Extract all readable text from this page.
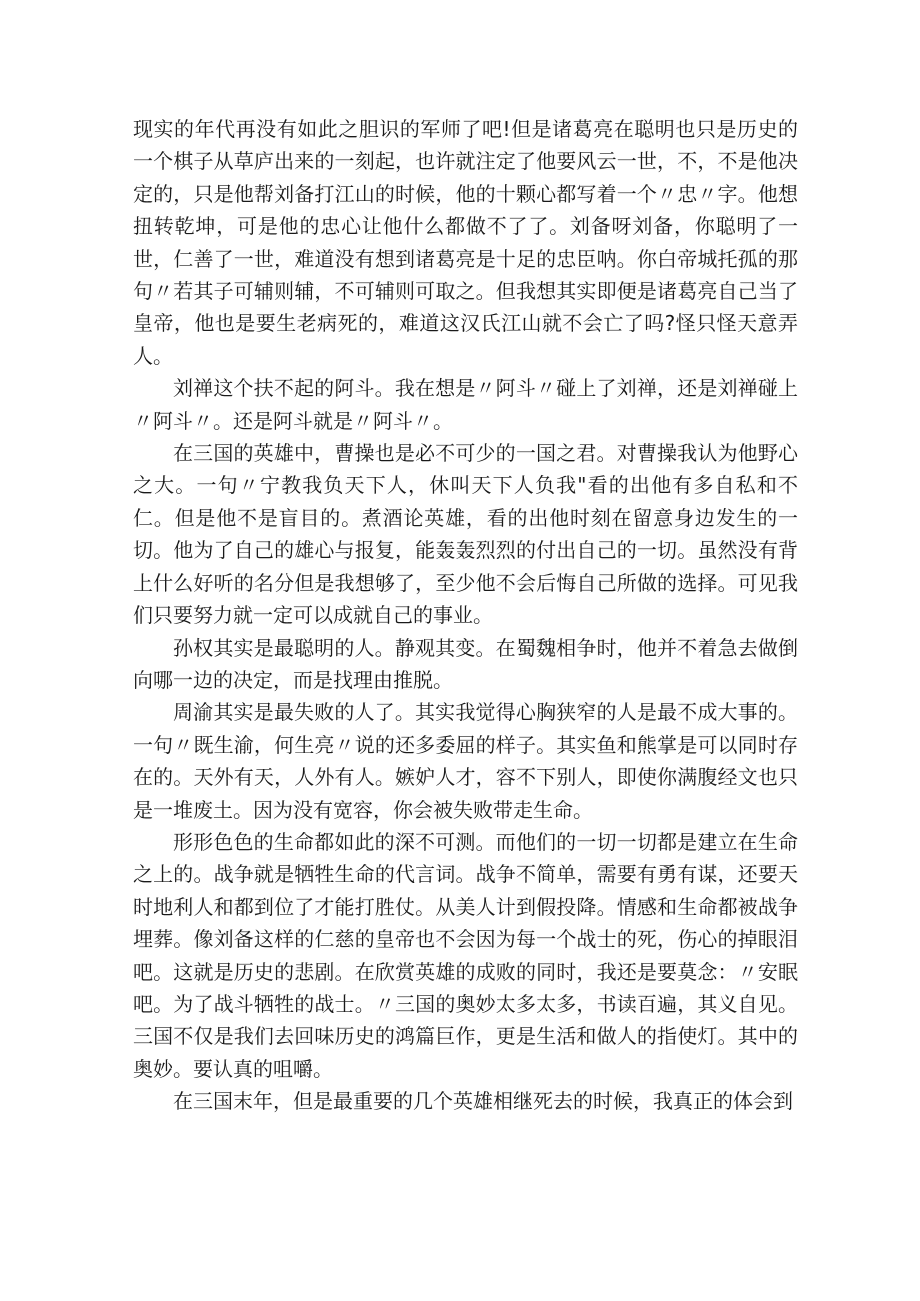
现实的年代再没有如此之胆识的军师了吧!但是诸葛亮在聪明也只是历史的一个棋子从草庐出来的一刻起，也许就注定了他要风云一世，不，不是他决定的，只是他帮刘备打江山的时候，他的十颗心都写着一个〃忠〃字。他想扭转乾坤，可是他的忠心让他什么都做不了了。刘备呀刘备，你聪明了一世，仁善了一世，难道没有想到诸葛亮是十足的忠臣呐。你白帝城托孤的那句〃若其子可辅则辅，不可辅则可取之。但我想其实即便是诸葛亮自己当了皇帝，他也是要生老病死的，难道这汉氏江山就不会亡了吗?怪只怪天意弄人。

刘禅这个扶不起的阿斗。我在想是〃阿斗〃碰上了刘禅，还是刘禅碰上〃阿斗〃。还是阿斗就是〃阿斗〃。

在三国的英雄中，曹操也是必不可少的一国之君。对曹操我认为他野心之大。一句〃宁教我负天下人，休叫天下人负我"看的出他有多自私和不仁。但是他不是盲目的。煮酒论英雄，看的出他时刻在留意身边发生的一切。他为了自己的雄心与报复，能轰轰烈烈的付出自己的一切。虽然没有背上什么好听的名分但是我想够了，至少他不会后悔自己所做的选择。可见我们只要努力就一定可以成就自己的事业。

孙权其实是最聪明的人。静观其变。在蜀魏相争时，他并不着急去做倒向哪一边的决定，而是找理由推脱。

周渝其实是最失败的人了。其实我觉得心胸狭窄的人是最不成大事的。一句〃既生渝，何生亮〃说的还多委屈的样子。其实鱼和熊掌是可以同时存在的。天外有天，人外有人。嫉妒人才，容不下别人，即使你满腹经文也只是一堆废土。因为没有宽容，你会被失败带走生命。

形形色色的生命都如此的深不可测。而他们的一切一切都是建立在生命之上的。战争就是牺牲生命的代言词。战争不简单，需要有勇有谋，还要天时地利人和都到位了才能打胜仗。从美人计到假投降。情感和生命都被战争埋葬。像刘备这样的仁慈的皇帝也不会因为每一个战士的死，伤心的掉眼泪吧。这就是历史的悲剧。在欣赏英雄的成败的同时，我还是要莫念：〃安眠吧。为了战斗牺牲的战士。〃三国的奥妙太多太多，书读百遍，其义自见。三国不仅是我们去回味历史的鸿篇巨作，更是生活和做人的指使灯。其中的奥妙。要认真的咀嚼。

在三国末年，但是最重要的几个英雄相继死去的时候，我真正的体会到
